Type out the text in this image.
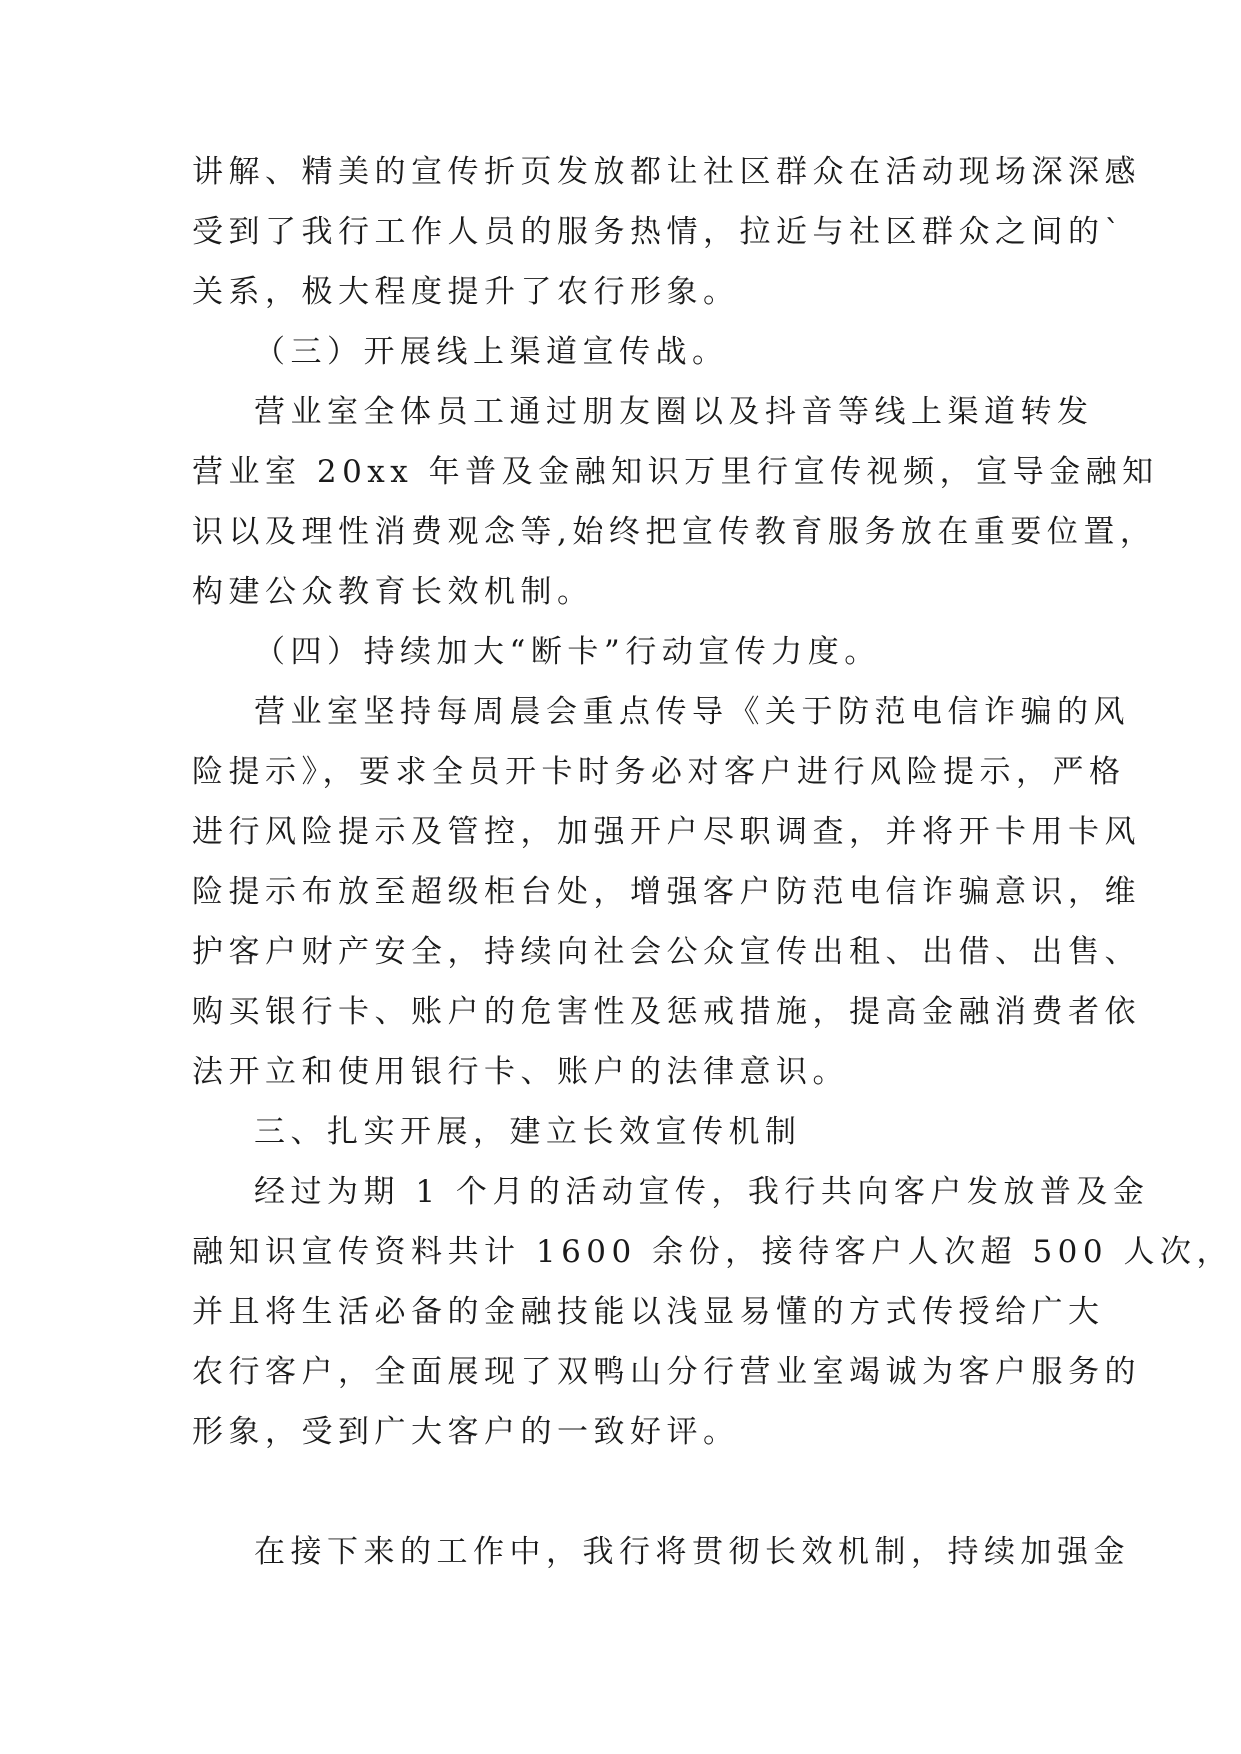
讲解、精美的宣传折页发放都让社区群众在活动现场深深感
受到了我行工作人员的服务热情，拉近与社区群众之间的`
关系，极大程度提升了农行形象。
（三）开展线上渠道宣传战。
营业室全体员工通过朋友圈以及抖音等线上渠道转发
营业室 20xx 年普及金融知识万里行宣传视频，宣导金融知
识以及理性消费观念等,始终把宣传教育服务放在重要位置，
构建公众教育长效机制。
（四）持续加大“断卡”行动宣传力度。
营业室坚持每周晨会重点传导《关于防范电信诈骗的风
险提示》，要求全员开卡时务必对客户进行风险提示，严格
进行风险提示及管控，加强开户尽职调查，并将开卡用卡风
险提示布放至超级柜台处，增强客户防范电信诈骗意识，维
护客户财产安全，持续向社会公众宣传出租、出借、出售、
购买银行卡、账户的危害性及惩戒措施，提高金融消费者依
法开立和使用银行卡、账户的法律意识。
三、扎实开展，建立长效宣传机制
经过为期 1 个月的活动宣传，我行共向客户发放普及金
融知识宣传资料共计 1600 余份，接待客户人次超 500 人次，
并且将生活必备的金融技能以浅显易懂的方式传授给广大
农行客户，全面展现了双鸭山分行营业室竭诚为客户服务的
形象，受到广大客户的一致好评。
在接下来的工作中，我行将贯彻长效机制，持续加强金
